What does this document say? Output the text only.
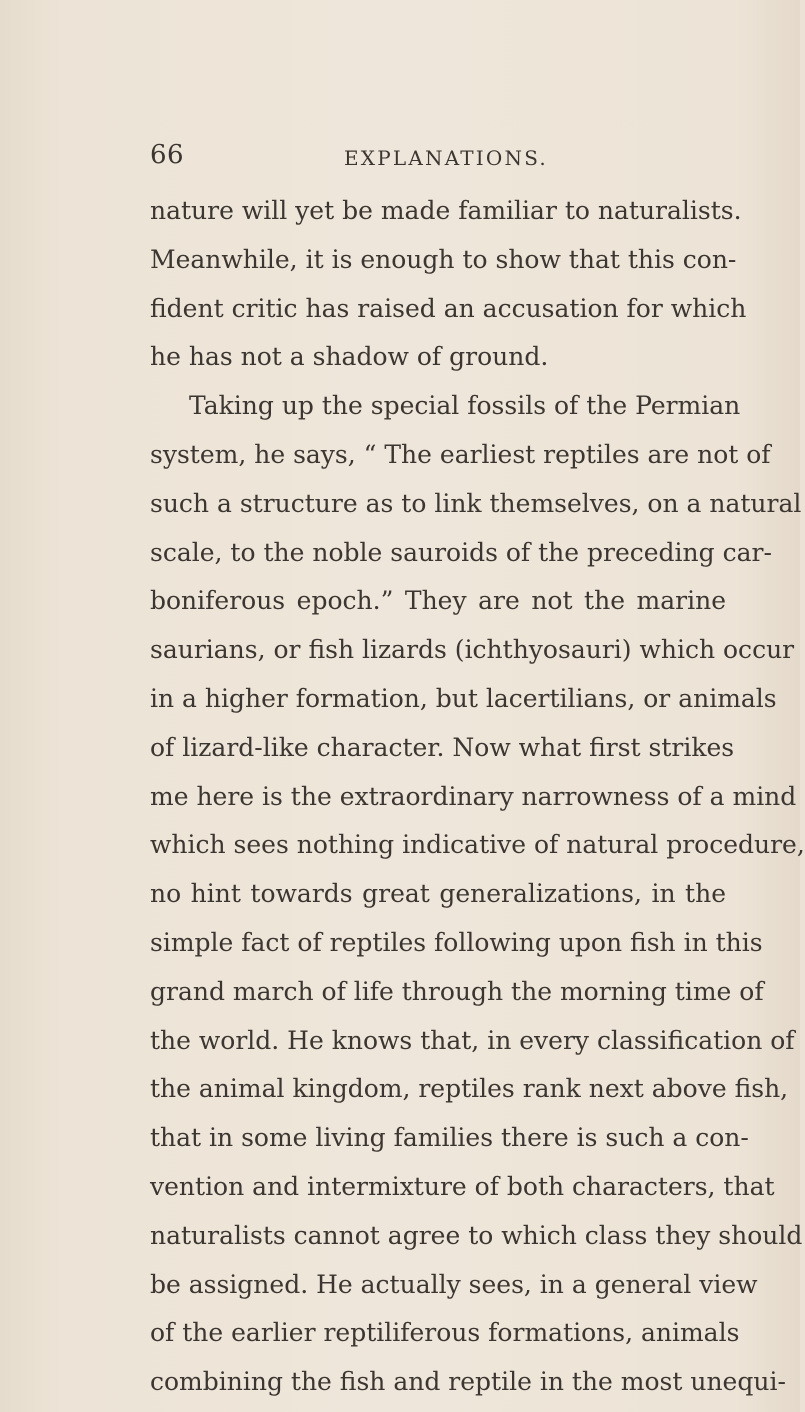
66	EXPLANATIONS.
nature will yet be made familiar to naturalists.
Meanwhile, it is enough to show that this con-
fident critic has raised an accusation for which
he has not a shadow of ground.
Taking up the special fossils of the Permian
system, he says, “ The earliest reptiles are not of
such a structure as to link themselves, on a natural
scale, to the noble sauroids of the preceding car-
boniferous epoch.” They are not the marine
saurians, or fish lizards (ichthyosauri) which occur
in a higher formation, but lacertilians, or animals
of lizard-like character. Now what first strikes
me here is the extraordinary narrowness of a mind
which sees nothing indicative of natural procedure,
no hint towards great generalizations, in the
simple fact of reptiles following upon fish in this
grand march of life through the morning time of
the world. He knows that, in every classification of
the animal kingdom, reptiles rank next above fish,
that in some living families there is such a con-
vention and intermixture of both characters, that
naturalists cannot agree to which class they should
be assigned. He actually sees, in a general view
of the earlier reptiliferous formations, animals
combining the fish and reptile in the most unequi-
